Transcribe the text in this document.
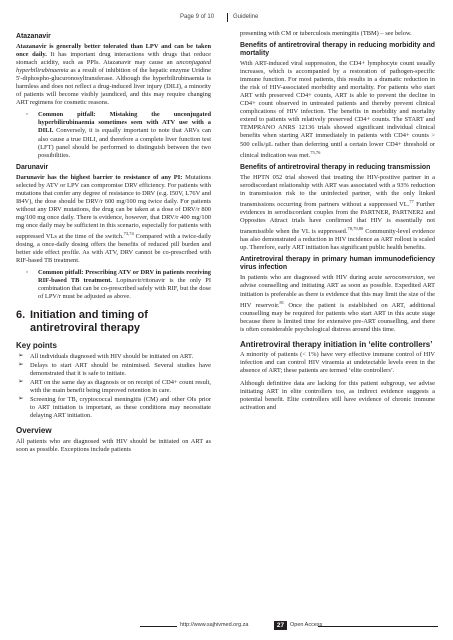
Page 9 of 10	Guideline
Atazanavir

Atazanavir is generally better tolerated than LPV and can be taken once daily. It has important drug interactions with drugs that reduce stomach acidity, such as PPIs. Atazanavir may cause an unconjugated hyperbilirubinaemia as a result of inhibition of the hepatic enzyme Uridine 5'-diphospho-glucuronosyltransferase. Although the hyperbilirubinaemia is harmless and does not reflect a drug-induced liver injury (DILI), a minority of patients will become visibly jaundiced, and this may require changing ART regimens for cosmetic reasons.

◦ Common pitfall: Mistaking the unconjugated hyperbilirubinaemia sometimes seen with ATV use with a DILI. Conversely, it is equally important to note that ARVs can also cause a true DILI, and therefore a complete liver function test (LFT) panel should be performed to distinguish between the two possibilities.
Darunavir

Darunavir has the highest barrier to resistance of any PI: Mutations selected by ATV or LPV can compromise DRV efficiency. For patients with mutations that confer any degree of resistance to DRV (e.g. I50V, L76V and I84V), the dose should be DRV/r 600 mg/100 mg twice daily. For patients without any DRV mutations, the drug can be taken at a dose of DRV/r 800 mg/100 mg once daily. There is evidence, however, that DRV/r 400 mg/100 mg once daily may be sufficient in this scenario, especially for patients with suppressed VLs at the time of the switch.$^{73,74}$ Compared with a twice-daily dosing, a once-daily dosing offers the benefits of reduced pill burden and better side effect profile. As with ATV, DRV cannot be co-prescribed with RIF-based TB treatment.

◦ Common pitfall: Prescribing ATV or DRV in patients receiving RIF-based TB treatment. Lopinavir/ritonavir is the only PI combination that can be co-prescribed safely with RIF, but the dose of LPV/r must be adjusted as above.
6. Initiation and timing of
antiretroviral therapy
Key points
➢ All individuals diagnosed with HIV should be initiated on ART.
➢ Delays to start ART should be minimised. Several studies have demonstrated that it is safe to initiate.
➢ ART on the same day as diagnosis or on receipt of CD4+ count result, with the main benefit being improved retention in care.
➢ Screening for TB, cryptococcal meningitis (CM) and other OIs prior to ART initiation is important, as these conditions may necessitate delaying ART initiation.
Overview

All patients who are diagnosed with HIV should be initiated on ART as soon as possible. Exceptions include patients

presenting with CM or tuberculosis meningitis (TBM) – see below.

Benefits of antiretroviral therapy in reducing morbidity and mortality

With ART-induced viral suppression, the CD4+ lymphocyte count usually increases, which is accompanied by a restoration of pathogen-specific immune function. For most patients, this results in a dramatic reduction in the risk of HIV-associated morbidity and mortality. For patients who start ART with preserved CD4+ counts, ART is able to prevent the decline in CD4+ count observed in untreated patients and thereby prevent clinical complications of HIV infection. The benefits in morbidity and mortality extend to patients with relatively preserved CD4+ counts. The START and TEMPRANO ANRS 12136 trials showed significant individual clinical benefits when starting ART immediately in patients with CD4+ counts > 500 cells/µL rather than deferring until a certain lower CD4+ threshold or clinical indication was met.$^{75,76}$

Benefits of antiretroviral therapy in reducing transmission

The HPTN 052 trial showed that treating the HIV-positive partner in a serodiscordant relationship with ART was associated with a 93% reduction in transmission risk to the uninfected partner, with the only linked transmissions occurring from partners without a suppressed VL.$^{77}$ Further evidences in serodiscordant couples from the PARTNER, PARTNER2 and Opposites Attract trials have confirmed that HIV is essentially not transmissible when the VL is suppressed.$^{78,79,80}$ Community-level evidence has also demonstrated a reduction in HIV incidence as ART rollout is scaled up. Therefore, early ART initiation has significant public health benefits.

Antiretroviral therapy in primary human immunodeficiency virus infection

In patients who are diagnosed with HIV during acute seroconversion, we advise counselling and initiating ART as soon as possible. Expedited ART initiation is preferable as there is evidence that this may limit the size of the HIV reservoir.$^{81}$ Once the patient is established on ART, additional counselling may be required for patients who start ART in this acute stage because there is limited time for extensive pre-ART counselling, and there is often considerable psychological distress around this time.

Antiretroviral therapy initiation in ‘elite controllers’

A minority of patients (< 1%) have very effective immune control of HIV infection and can control HIV viraemia at undetectable levels even in the absence of ART; these patients are termed ‘elite controllers’.

Although definitive data are lacking for this patient subgroup, we advise initiating ART in elite controllers too, as indirect evidence suggests a potential benefit. Elite controllers still have evidence of chronic immune activation and

http://www.sajhivmed.org.za	27	Open Access
